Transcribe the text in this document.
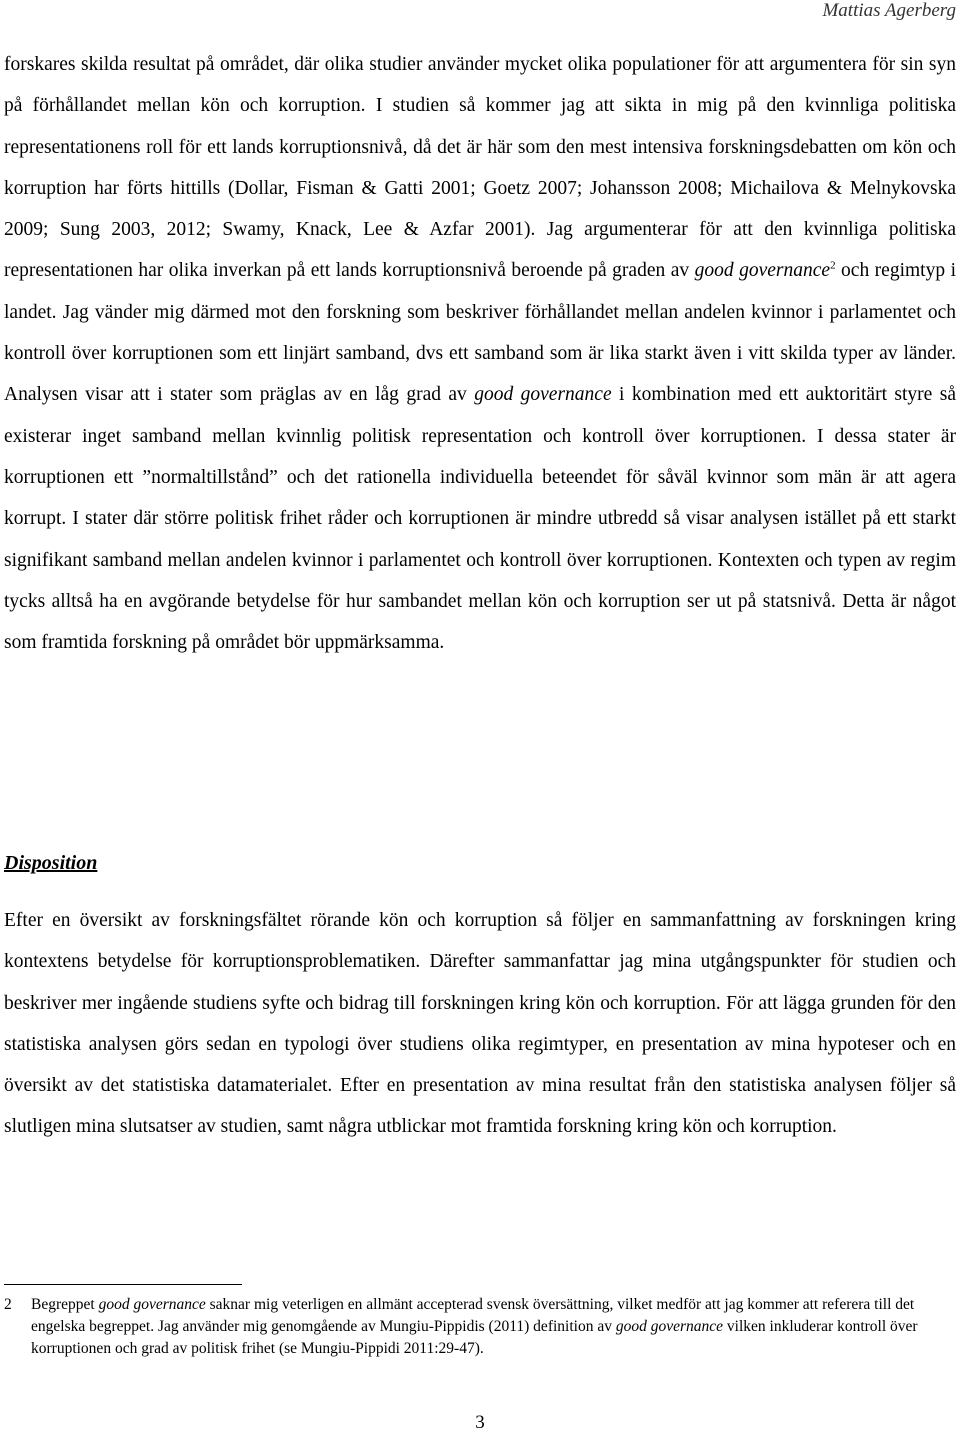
Mattias Agerberg

forskares skilda resultat på området, där olika studier använder mycket olika populationer för att argumentera för sin syn på förhållandet mellan kön och korruption. I studien så kommer jag att sikta in mig på den kvinnliga politiska representationens roll för ett lands korruptionsnivå, då det är här som den mest intensiva forskningsdebatten om kön och korruption har förts hittills (Dollar, Fisman & Gatti 2001; Goetz 2007; Johansson 2008; Michailova & Melnykovska 2009; Sung 2003, 2012; Swamy, Knack, Lee & Azfar 2001). Jag argumenterar för att den kvinnliga politiska representationen har olika inverkan på ett lands korruptionsnivå beroende på graden av good governance$^2$ och regimtyp i landet. Jag vänder mig därmed mot den forskning som beskriver förhållandet mellan andelen kvinnor i parlamentet och kontroll över korruptionen som ett linjärt samband, dvs ett samband som är lika starkt även i vitt skilda typer av länder. Analysen visar att i stater som präglas av en låg grad av good governance i kombination med ett auktoritärt styre så existerar inget samband mellan kvinnlig politisk representation och kontroll över korruptionen. I dessa stater är korruptionen ett ”normaltillstånd” och det rationella individuella beteendet för såväl kvinnor som män är att agera korrupt. I stater där större politisk frihet råder och korruptionen är mindre utbredd så visar analysen istället på ett starkt signifikant samband mellan andelen kvinnor i parlamentet och kontroll över korruptionen. Kontexten och typen av regim tycks alltså ha en avgörande betydelse för hur sambandet mellan kön och korruption ser ut på statsnivå. Detta är något som framtida forskning på området bör uppmärksamma.

Disposition

Efter en översikt av forskningsfältet rörande kön och korruption så följer en sammanfattning av forskningen kring kontextens betydelse för korruptionsproblematiken. Därefter sammanfattar jag mina utgångspunkter för studien och beskriver mer ingående studiens syfte och bidrag till forskningen kring kön och korruption. För att lägga grunden för den statistiska analysen görs sedan en typologi över studiens olika regimtyper, en presentation av mina hypoteser och en översikt av det statistiska datamaterialet. Efter en presentation av mina resultat från den statistiska analysen följer så slutligen mina slutsatser av studien, samt några utblickar mot framtida forskning kring kön och korruption.

2 Begreppet good governance saknar mig veterligen en allmänt accepterad svensk översättning, vilket medför att jag kommer att referera till det engelska begreppet. Jag använder mig genomgående av Mungiu-Pippidis (2011) definition av good governance vilken inkluderar kontroll över korruptionen och grad av politisk frihet (se Mungiu-Pippidi 2011:29-47).
3
